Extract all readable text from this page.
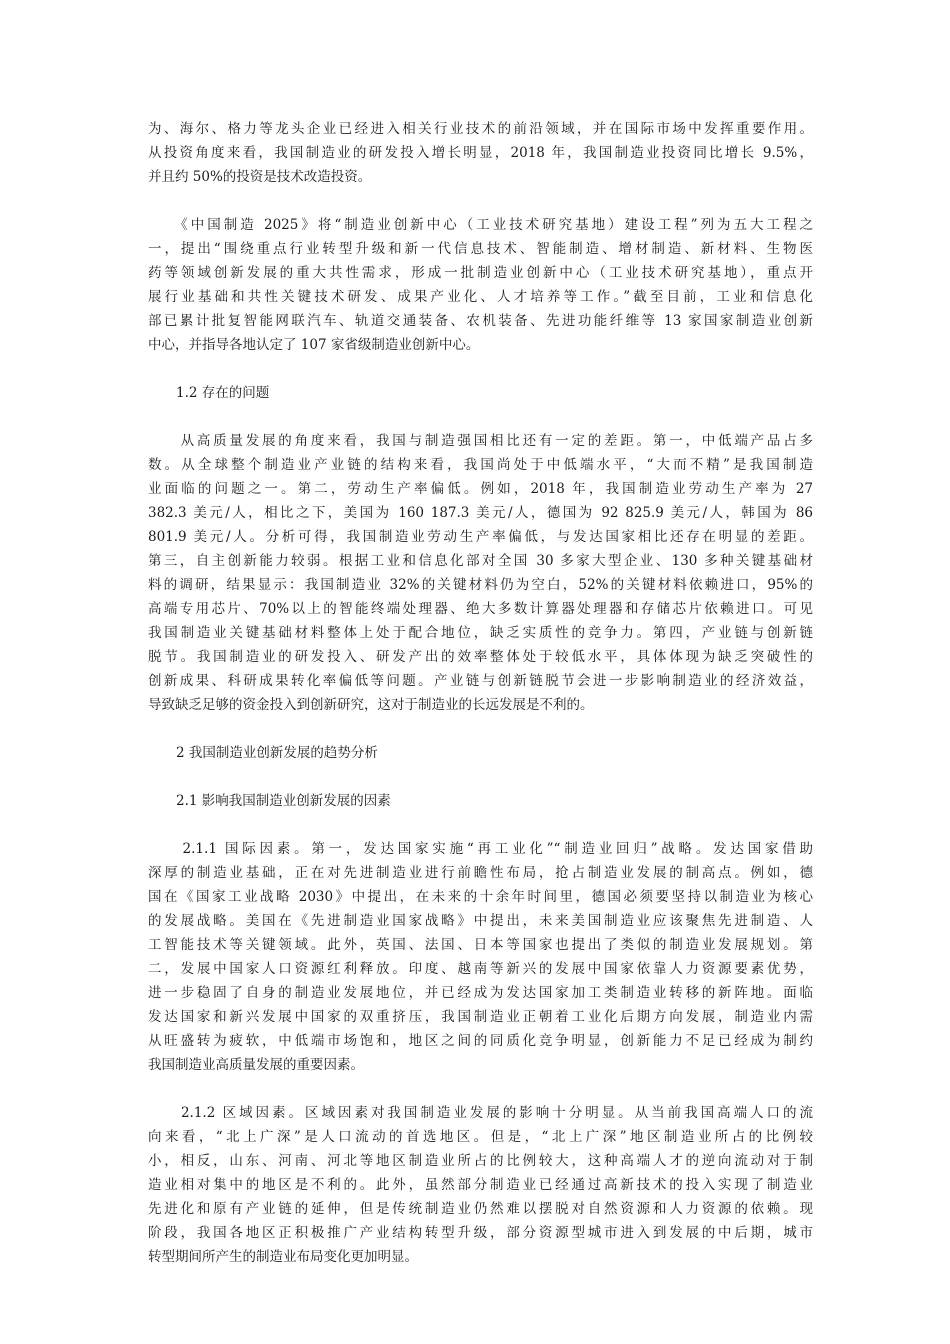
为、海尔、格力等龙头企业已经进入相关行业技术的前沿领域，并在国际市场中发挥重要作用。
从投资角度来看，我国制造业的研发投入增长明显，2018 年，我国制造业投资同比增长 9.5%，
并且约 50%的投资是技术改造投资。
　　《中国制造 2025》将“制造业创新中心（工业技术研究基地）建设工程”列为五大工程之
一，提出“围绕重点行业转型升级和新一代信息技术、智能制造、增材制造、新材料、生物医
药等领域创新发展的重大共性需求，形成一批制造业创新中心（工业技术研究基地），重点开
展行业基础和共性关键技术研发、成果产业化、人才培养等工作。”截至目前，工业和信息化
部已累计批复智能网联汽车、轨道交通装备、农机装备、先进功能纤维等 13 家国家制造业创新
中心，并指导各地认定了 107 家省级制造业创新中心。

1.2 存在的问题

　　从高质量发展的角度来看，我国与制造强国相比还有一定的差距。第一，中低端产品占多
数。从全球整个制造业产业链的结构来看，我国尚处于中低端水平，“大而不精”是我国制造
业面临的问题之一。第二，劳动生产率偏低。例如，2018 年，我国制造业劳动生产率为 27
382.3 美元/人，相比之下，美国为 160 187.3 美元/人，德国为 92 825.9 美元/人，韩国为 86
801.9 美元/人。分析可得，我国制造业劳动生产率偏低，与发达国家相比还存在明显的差距。
第三，自主创新能力较弱。根据工业和信息化部对全国 30 多家大型企业、130 多种关键基础材
料的调研，结果显示：我国制造业 32%的关键材料仍为空白，52%的关键材料依赖进口，95%的
高端专用芯片、70%以上的智能终端处理器、绝大多数计算器处理器和存储芯片依赖进口。可见
我国制造业关键基础材料整体上处于配合地位，缺乏实质性的竞争力。第四，产业链与创新链
脱节。我国制造业的研发投入、研发产出的效率整体处于较低水平，具体体现为缺乏突破性的
创新成果、科研成果转化率偏低等问题。产业链与创新链脱节会进一步影响制造业的经济效益，
导致缺乏足够的资金投入到创新研究，这对于制造业的长远发展是不利的。

2 我国制造业创新发展的趋势分析

2.1 影响我国制造业创新发展的因素

　　2.1.1 国际因素。第一，发达国家实施“再工业化”“制造业回归”战略。发达国家借助
深厚的制造业基础，正在对先进制造业进行前瞻性布局，抢占制造业发展的制高点。例如，德
国在《国家工业战略 2030》中提出，在未来的十余年时间里，德国必须要坚持以制造业为核心
的发展战略。美国在《先进制造业国家战略》中提出，未来美国制造业应该聚焦先进制造、人
工智能技术等关键领域。此外，英国、法国、日本等国家也提出了类似的制造业发展规划。第
二，发展中国家人口资源红利释放。印度、越南等新兴的发展中国家依靠人力资源要素优势，
进一步稳固了自身的制造业发展地位，并已经成为发达国家加工类制造业转移的新阵地。面临
发达国家和新兴发展中国家的双重挤压，我国制造业正朝着工业化后期方向发展，制造业内需
从旺盛转为疲软，中低端市场饱和，地区之间的同质化竞争明显，创新能力不足已经成为制约
我国制造业高质量发展的重要因素。
　　2.1.2 区域因素。区域因素对我国制造业发展的影响十分明显。从当前我国高端人口的流
向来看，“北上广深”是人口流动的首选地区。但是，“北上广深”地区制造业所占的比例较
小，相反，山东、河南、河北等地区制造业所占的比例较大，这种高端人才的逆向流动对于制
造业相对集中的地区是不利的。此外，虽然部分制造业已经通过高新技术的投入实现了制造业
先进化和原有产业链的延伸，但是传统制造业仍然难以摆脱对自然资源和人力资源的依赖。现
阶段，我国各地区正积极推广产业结构转型升级，部分资源型城市进入到发展的中后期，城市
转型期间所产生的制造业布局变化更加明显。
